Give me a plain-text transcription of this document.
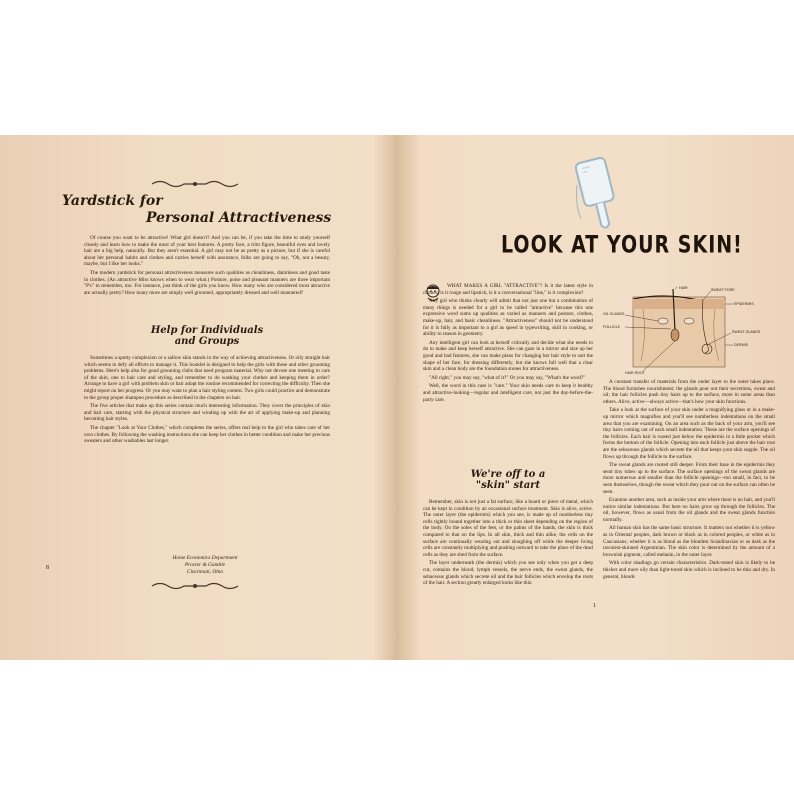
Yardstick for
Personal Attractiveness

Of course you want to be attractive! What girl doesn't? And you can be, if you take the time to study yourself closely and learn how to make the most of your best features. A pretty face, a trim figure, beautiful eyes and lovely hair are a big help, naturally. But they aren't essential. A girl may not be as pretty as a picture, but if she is careful about her personal habits and clothes and carries herself with assurance, folks are going to say, "Oh, not a beauty, maybe, but I like her looks."

The modern yardstick for personal attractiveness measures such qualities as cleanliness, daintiness and good taste in clothes. (An attractive Miss knows when to wear what.) Posture, poise and pleasant manners are three important "P's" to remember, too. For instance, just think of the girls you know. How many who are considered most attractive are actually pretty? How many more are simply well groomed, appropriately dressed and well mannered?

Help for Individuals
and Groups

Sometimes a spotty complexion or a sallow skin stands in the way of achieving attractiveness. Or oily straight hair which seems to defy all efforts to manage it. This booklet is designed to help the girls with these and other grooming problems. Here's help also for good grooming clubs that need program material. Why not devote one meeting to care of the skin, one to hair care and styling, and remember to do washing your clothes and keeping them in order? Arrange to have a girl with problem skin or hair adopt the routine recommended for correcting the difficulty. Then she might report on her progress. Or you may want to plan a hair styling contest. Two girls could practice and demonstrate to the group proper shampoo procedure as described in the chapters on hair.

The five articles that make up this series contain much interesting information. They cover the principles of skin and hair care, starting with the physical structure and winding up with the art of applying make-up and planning becoming hair styles.

The chapter "Look at Your Clothes," which completes the series, offers real help to the girl who takes care of her own clothes. By following the washing instructions she can keep her clothes in better condition and make her precious sweaters and other washables last longer.

Home Economics Department
Procter & Gamble
Cincinnati, Ohio
8
LOOK AT YOUR SKIN!

WHAT MAKES A GIRL "ATTRACTIVE"? Is it the latest style in clothes, is it rouge and lipstick, is it a conversational "line," is it complexion?

Any girl who thinks clearly will admit that not just one but a combination of many things is needed for a girl to be called "attractive" because this one expressive word sums up qualities as varied as manners and posture, clothes, make-up, hair, and basic cleanliness. "Attractiveness" should not be understood for it is fully as important to a girl as speed in typewriting, skill in cooking, or ability to reason in geometry.

Any intelligent girl can look at herself critically and decide what she needs to do to make and keep herself attractive. She can gaze in a mirror and size up her good and bad features, she can make plans for changing her hair style to suit the shape of her face, for dressing differently, but she knows full well that a clear skin and a clean body are the foundation stones for attractiveness.

"All right," you may say, "what of it?" Or you may say, "What's the word?"

Well, the word in this case is "care." Your skin needs care to keep it healthy and attractive-looking—regular and intelligent care, not just the day-before-the-party care.

We're off to a
"skin" start

Remember, skin is not just a fat surface, like a board or piece of metal, which can be kept in condition by an occasional surface treatment. Skin is alive, active. The outer layer (the epidermis) which you see, is made up of numberless tiny cells tightly bound together into a thick or thin sheet depending on the region of the body. On the soles of the feet, or the palms of the hands, the skin is thick compared to that on the lips. In all skin, thick and thin alike, the cells on the surface are continually wearing out and sloughing off while the deeper living cells are constantly multiplying and pushing outward to take the place of the dead cells as they are shed from the surface.

The layer underneath (the dermis) which you see only when you get a deep cut, contains the blood, lymph vessels, the nerve ends, the sweat glands, the sebaceous glands which secrete oil and the hair follicles which envelop the roots of the hair. A section greatly enlarged looks like this:

HAIR	SWEAT PORE
EPIDERMIS
OIL GLANDS
FOLLICLE
SWEAT GLANDS
DERMIS
HAIR ROOT

A constant transfer of materials from the under layer to the outer takes place. The blood furnishes nourishment; the glands pour out their secretions, sweat and oil; the hair follicles push tiny hairs up to the surface, more in some areas than others. Alive, active—always active—that's how your skin functions.

Take a look at the surface of your skin under a magnifying glass or in a make-up mirror which magnifies and you'll see numberless indentations on the small area that you are examining. On an area such as the back of your arm, you'll see tiny hairs coming out of each small indentation. These are the surface openings of the follicles. Each hair is rooted just below the epidermis in a little pocket which forms the bottom of the follicle. Opening into each follicle just above the hair root are the sebaceous glands which secrete the oil that keeps your skin supple. The oil flows up through the follicle to the surface.

The sweat glands are rooted still deeper. From their base in the epidermis they send tiny tubes up to the surface. The surface openings of the sweat glands are more numerous and smaller than the follicle openings—too small, in fact, to be seen themselves, though the sweat which they pour out on the surface can often be seen.

Examine another area, such as inside your arm where there is no hair, and you'll notice similar indentations. But here no hairs grow up through the follicles. The oil, however, flows as usual from the oil glands and the sweat glands function normally.

All human skin has the same basic structure. It matters not whether it is yellow as in Oriental peoples, dark brown or black as in colored peoples, or white as in Caucasians; whether it is as blond as the blondest Scandinavian or as dark as the tawniest-skinned Argentinian. The skin color is determined by the amount of a brownish pigment, called melanin, in the outer layer.

With color shadings go certain characteristics. Dark-toned skin is likely to be thicker and more oily than light-toned skin which is inclined to be thin and dry. In general, blonds

1
